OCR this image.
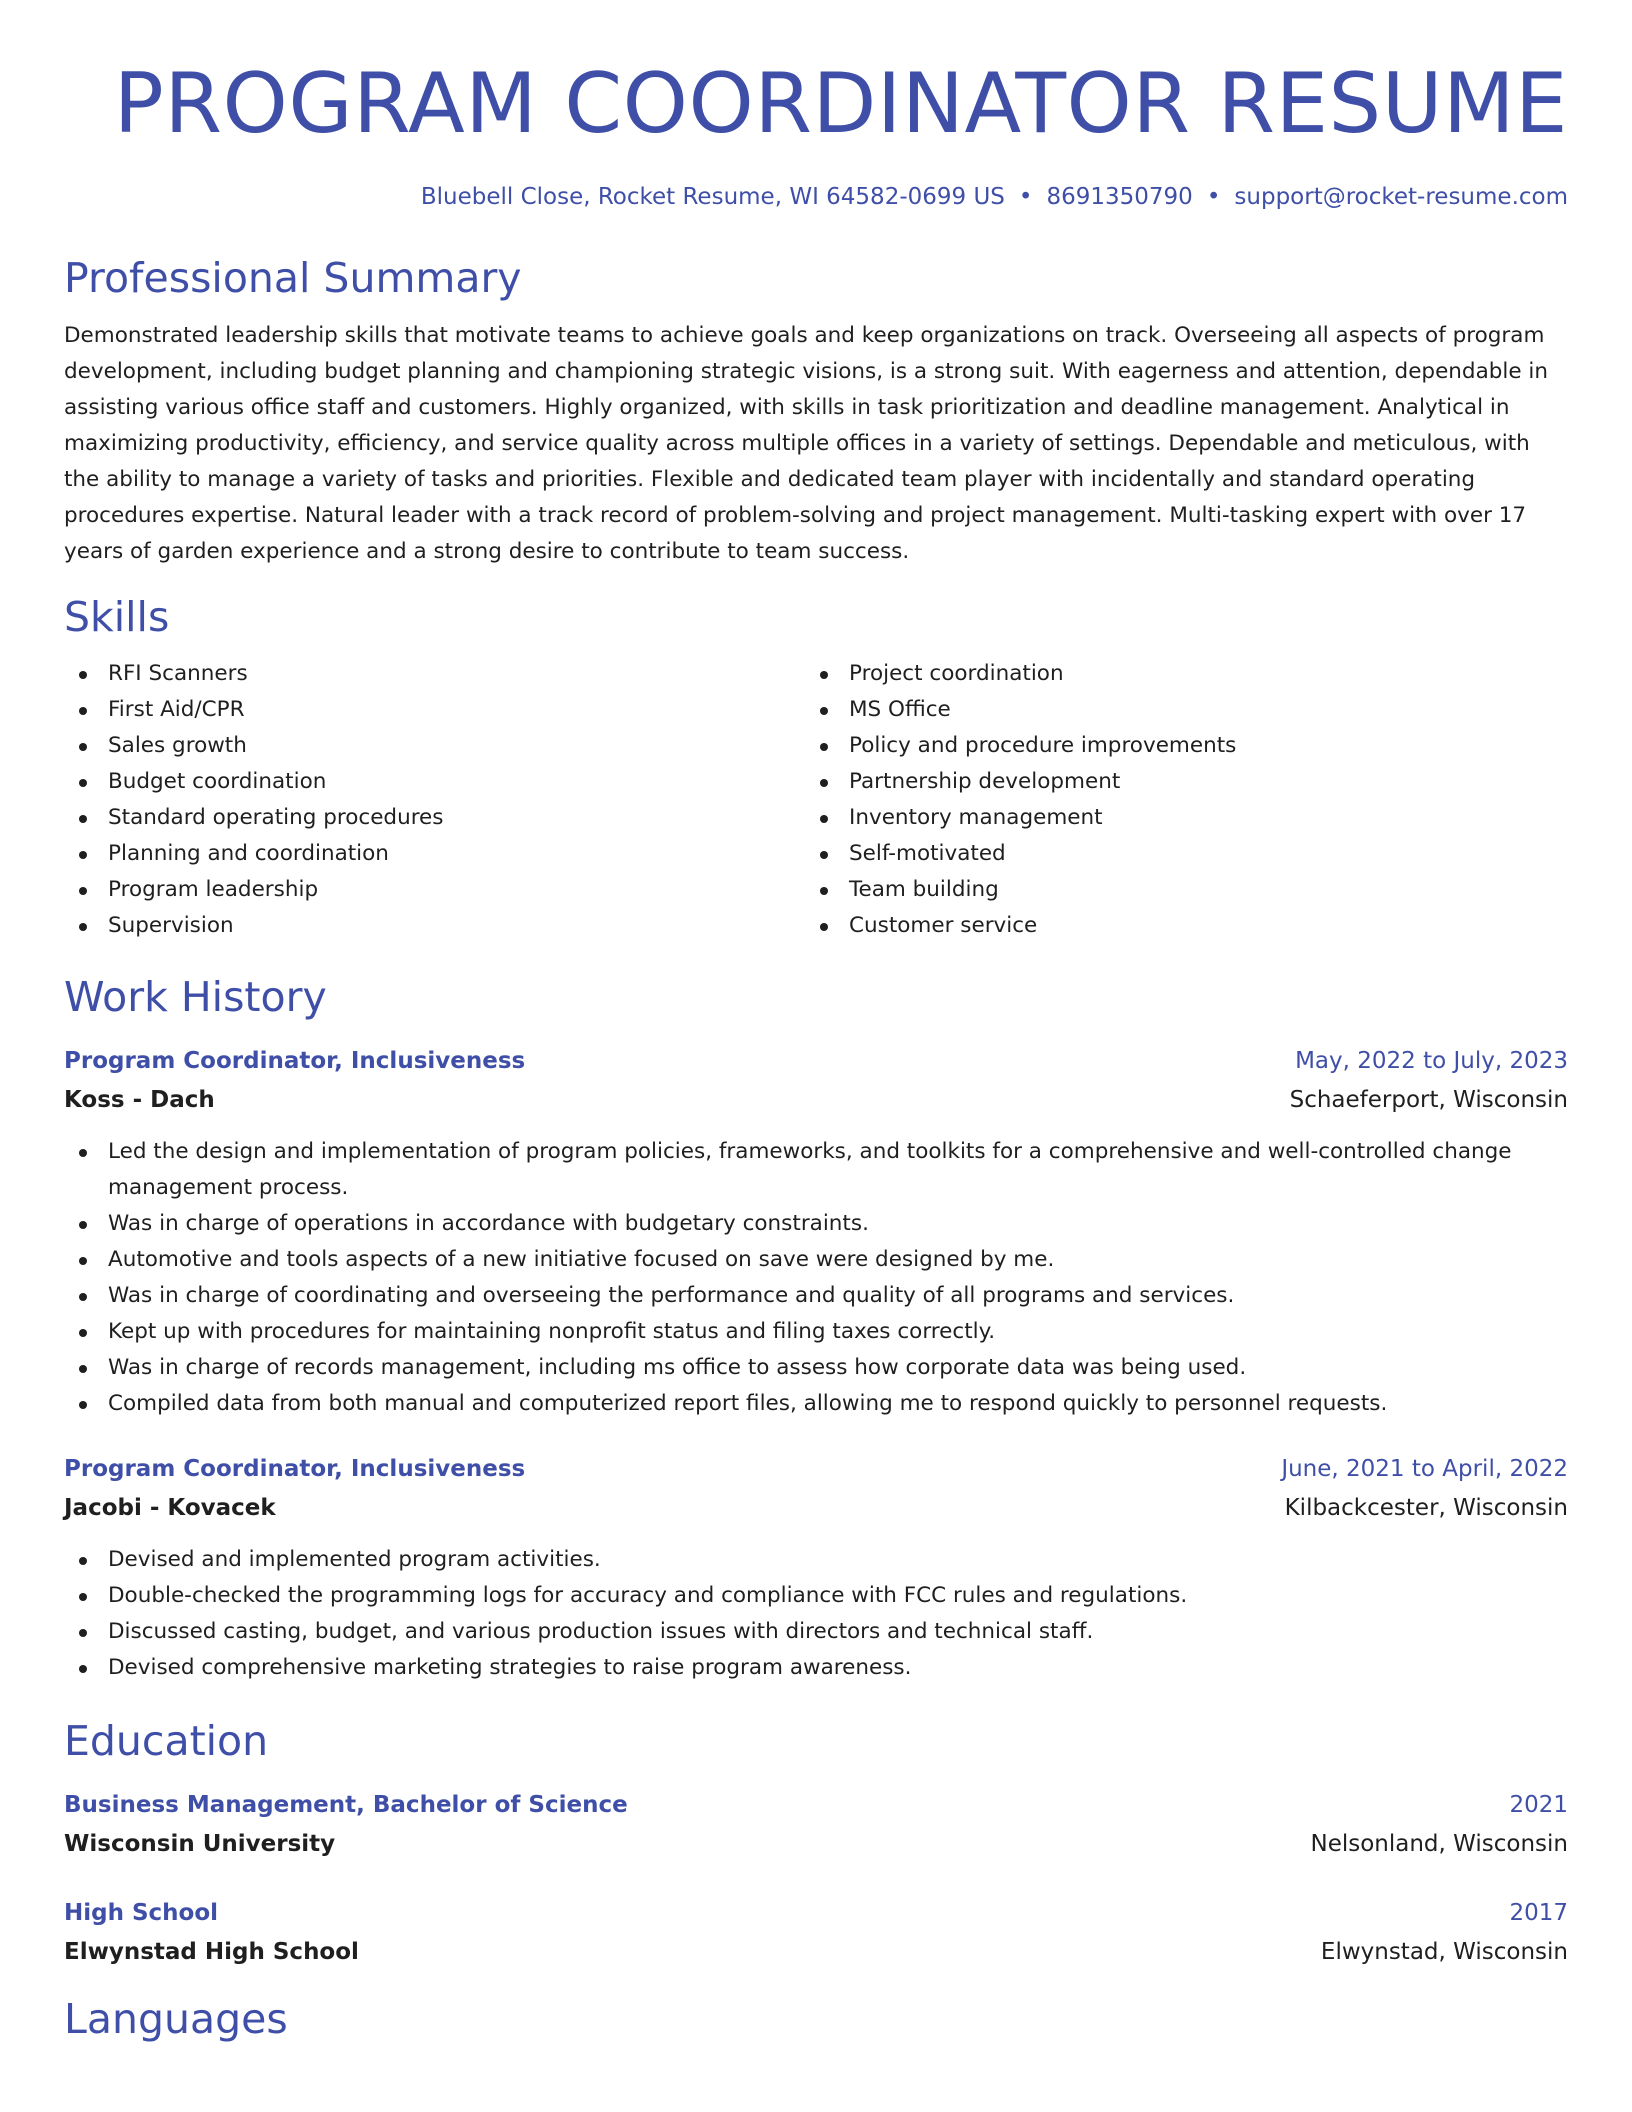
PROGRAM COORDINATOR RESUME
Bluebell Close, Rocket Resume, WI 64582-0699 US • 8691350790 • support@rocket-resume.com
Professional Summary
Demonstrated leadership skills that motivate teams to achieve goals and keep organizations on track. Overseeing all aspects of program development, including budget planning and championing strategic visions, is a strong suit. With eagerness and attention, dependable in assisting various office staff and customers. Highly organized, with skills in task prioritization and deadline management. Analytical in maximizing productivity, efficiency, and service quality across multiple offices in a variety of settings. Dependable and meticulous, with the ability to manage a variety of tasks and priorities. Flexible and dedicated team player with incidentally and standard operating procedures expertise. Natural leader with a track record of problem-solving and project management. Multi-tasking expert with over 17 years of garden experience and a strong desire to contribute to team success.
Skills
RFI Scanners
First Aid/CPR
Sales growth
Budget coordination
Standard operating procedures
Planning and coordination
Program leadership
Supervision
Project coordination
MS Office
Policy and procedure improvements
Partnership development
Inventory management
Self-motivated
Team building
Customer service
Work History
Program Coordinator, Inclusiveness	May, 2022 to July, 2023
Koss - Dach	Schaeferport, Wisconsin
Led the design and implementation of program policies, frameworks, and toolkits for a comprehensive and well-controlled change management process.
Was in charge of operations in accordance with budgetary constraints.
Automotive and tools aspects of a new initiative focused on save were designed by me.
Was in charge of coordinating and overseeing the performance and quality of all programs and services.
Kept up with procedures for maintaining nonprofit status and filing taxes correctly.
Was in charge of records management, including ms office to assess how corporate data was being used.
Compiled data from both manual and computerized report files, allowing me to respond quickly to personnel requests.
Program Coordinator, Inclusiveness	June, 2021 to April, 2022
Jacobi - Kovacek	Kilbackcester, Wisconsin
Devised and implemented program activities.
Double-checked the programming logs for accuracy and compliance with FCC rules and regulations.
Discussed casting, budget, and various production issues with directors and technical staff.
Devised comprehensive marketing strategies to raise program awareness.
Education
Business Management, Bachelor of Science	2021
Wisconsin University	Nelsonland, Wisconsin
High School	2017
Elwynstad High School	Elwynstad, Wisconsin
Languages
